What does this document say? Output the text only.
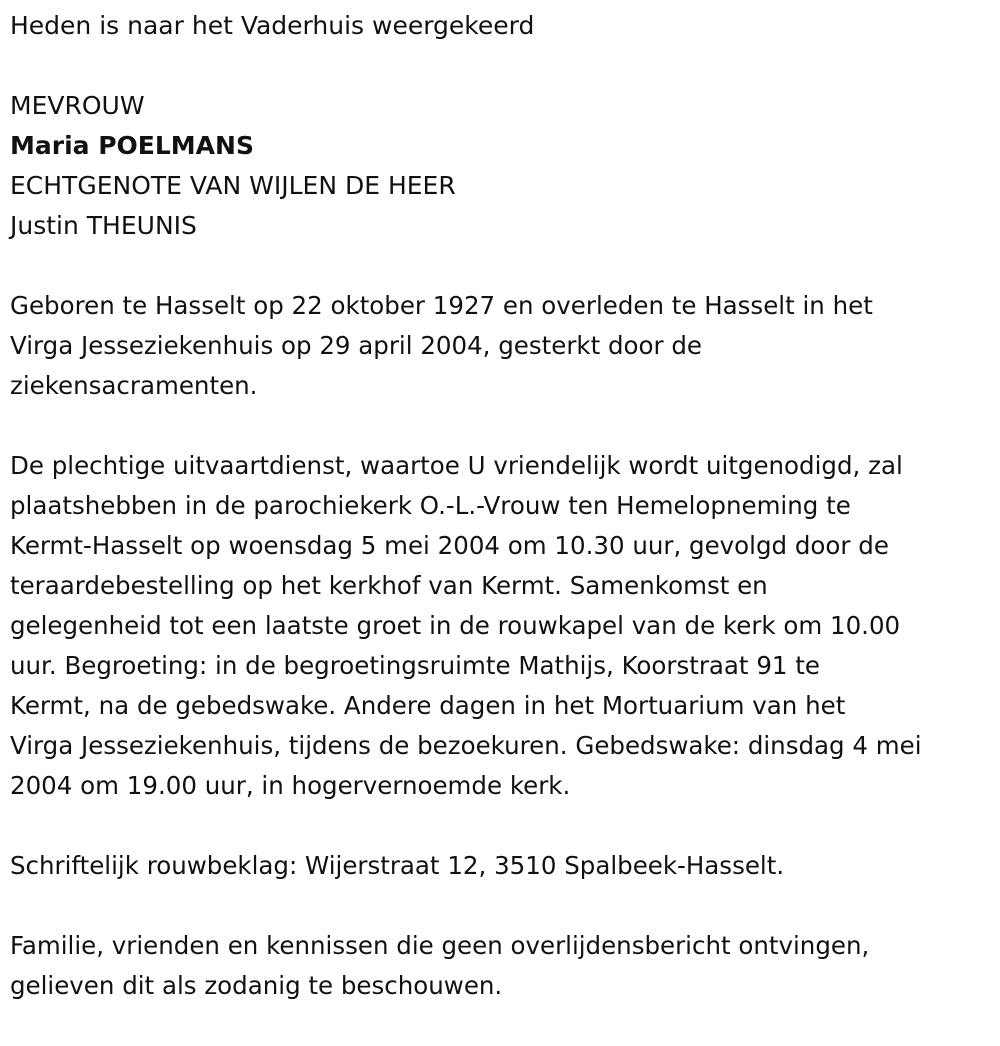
Heden is naar het Vaderhuis weergekeerd

MEVROUW

Maria POELMANS

ECHTGENOTE VAN WIJLEN DE HEER

Justin THEUNIS

Geboren te Hasselt op 22 oktober 1927 en overleden te Hasselt in het

Virga Jesseziekenhuis op 29 april 2004, gesterkt door de

ziekensacramenten.

De plechtige uitvaartdienst, waartoe U vriendelijk wordt uitgenodigd, zal

plaatshebben in de parochiekerk O.-L.-Vrouw ten Hemelopneming te

Kermt-Hasselt op woensdag 5 mei 2004 om 10.30 uur, gevolgd door de

teraardebestelling op het kerkhof van Kermt. Samenkomst en

gelegenheid tot een laatste groet in de rouwkapel van de kerk om 10.00

uur. Begroeting: in de begroetingsruimte Mathijs, Koorstraat 91 te

Kermt, na de gebedswake. Andere dagen in het Mortuarium van het

Virga Jesseziekenhuis, tijdens de bezoekuren. Gebedswake: dinsdag 4 mei

2004 om 19.00 uur, in hogervernoemde kerk.

Schriftelijk rouwbeklag: Wijerstraat 12, 3510 Spalbeek-Hasselt.

Familie, vrienden en kennissen die geen overlijdensbericht ontvingen,

gelieven dit als zodanig te beschouwen.
